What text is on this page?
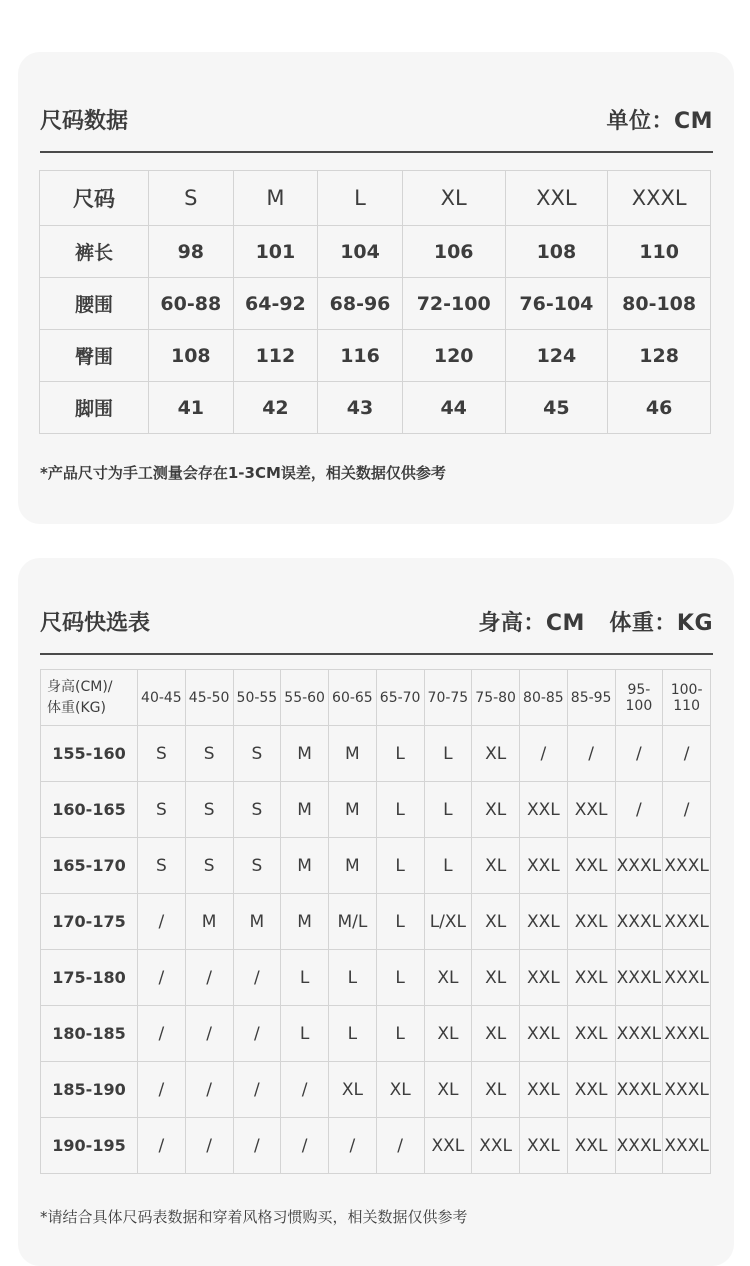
尺码数据	单位：CM
尺码	S	M	L	XL	XXL	XXXL
裤长	98	101	104	106	108	110
腰围	60-88	64-92	68-96	72-100	76-104	80-108
臀围	108	112	116	120	124	128
脚围	41	42	43	44	45	46
*产品尺寸为手工测量会存在1-3CM误差，相关数据仅供参考
尺码快选表	身高：CM   体重：KG
身高(CM)/
体重(KG)	40-45	45-50	50-55	55-60	60-65	65-70	70-75	75-80	80-85	85-95	95-100	100-110
155-160	S	S	S	M	M	L	L	XL	/	/	/	/
160-165	S	S	S	M	M	L	L	XL	XXL	XXL	/	/
165-170	S	S	S	M	M	L	L	XL	XXL	XXL	XXXL	XXXL
170-175	/	M	M	M	M/L	L	L/XL	XL	XXL	XXL	XXXL	XXXL
175-180	/	/	/	L	L	L	XL	XL	XXL	XXL	XXXL	XXXL
180-185	/	/	/	L	L	L	XL	XL	XXL	XXL	XXXL	XXXL
185-190	/	/	/	/	XL	XL	XL	XL	XXL	XXL	XXXL	XXXL
190-195	/	/	/	/	/	/	XXL	XXL	XXL	XXL	XXXL	XXXL
*请结合具体尺码表数据和穿着风格习惯购买，相关数据仅供参考
